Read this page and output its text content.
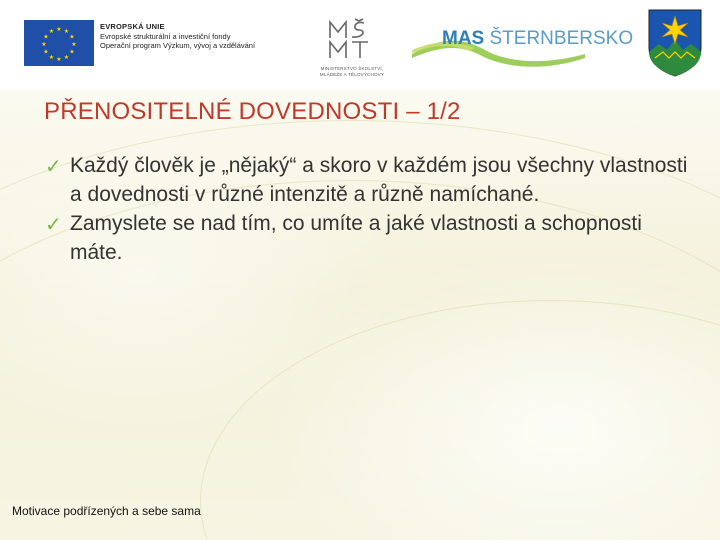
★ ★
★
★
★
★
★
★
★
★
★
★
EVROPSKÁ UNIE
Evropské strukturální a investiční fondy
Operační program Výzkum, vývoj a vzdělávání
MINISTERSTVO ŠKOLSTVÍ,
MLÁDEŽE A TĚLOVÝCHOVY
MAS ŠTERNBERSKO
PŘENOSITELNÉ DOVEDNOSTI – 1/2
✓ Každý člověk je „nějaký“ a skoro v každém jsou všechny vlastnosti a dovednosti v různé intenzitě a různě namíchané.
✓ Zamyslete se nad tím, co umíte a jaké vlastnosti a schopnosti máte.
Motivace podřízených a sebe sama
